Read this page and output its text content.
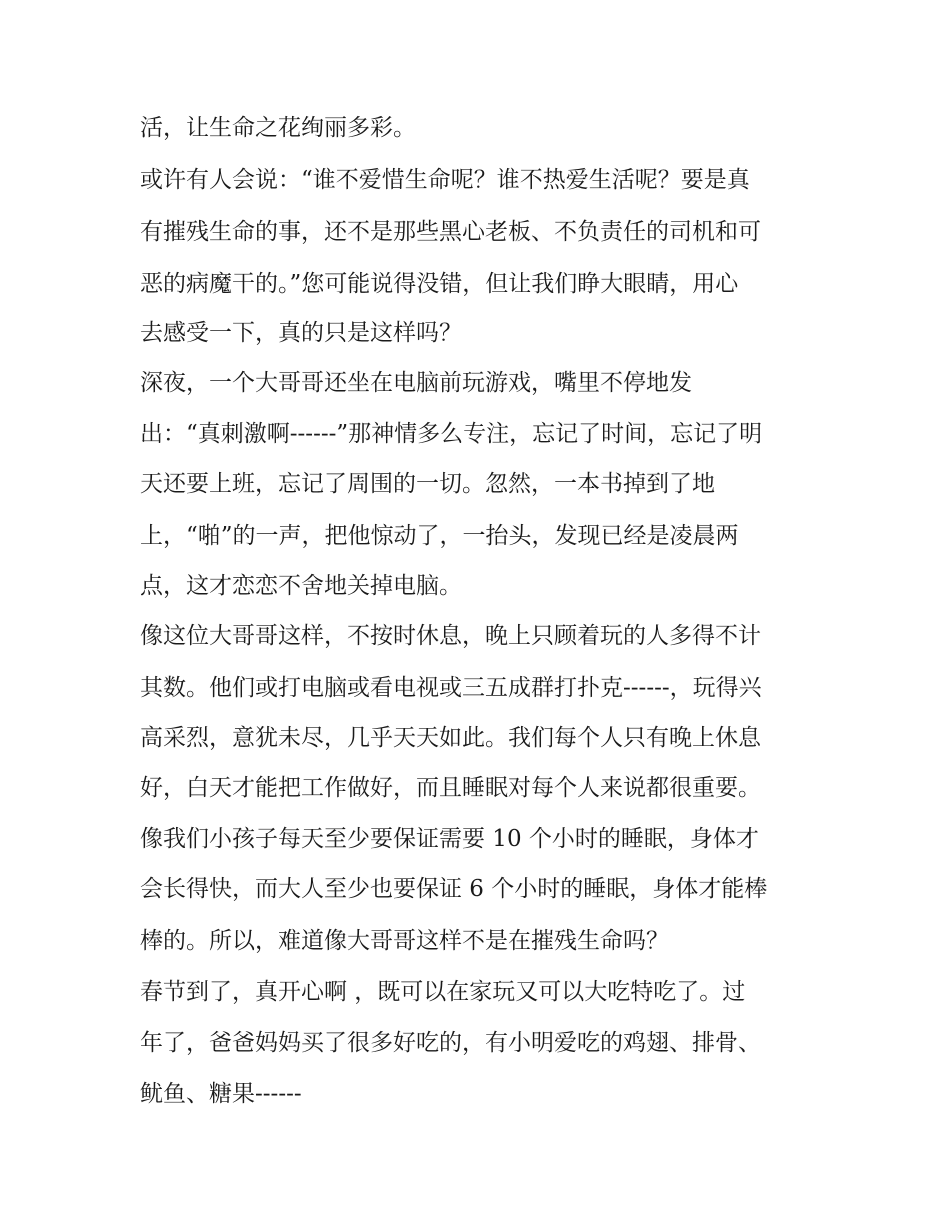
活，让生命之花绚丽多彩。
或许有人会说：“谁不爱惜生命呢？谁不热爱生活呢？要是真
有摧残生命的事，还不是那些黑心老板、不负责任的司机和可
恶的病魔干的。”您可能说得没错，但让我们睁大眼睛，用心
去感受一下，真的只是这样吗？
深夜，一个大哥哥还坐在电脑前玩游戏，嘴里不停地发
出：“真刺激啊------”那神情多么专注，忘记了时间，忘记了明
天还要上班，忘记了周围的一切。忽然，一本书掉到了地
上，“啪”的一声，把他惊动了，一抬头，发现已经是凌晨两
点，这才恋恋不舍地关掉电脑。
像这位大哥哥这样，不按时休息，晚上只顾着玩的人多得不计
其数。他们或打电脑或看电视或三五成群打扑克------，玩得兴
高采烈，意犹未尽，几乎天天如此。我们每个人只有晚上休息
好，白天才能把工作做好，而且睡眠对每个人来说都很重要。
像我们小孩子每天至少要保证需要 10 个小时的睡眠，身体才
会长得快，而大人至少也要保证 6 个小时的睡眠，身体才能棒
棒的。所以，难道像大哥哥这样不是在摧残生命吗？
春节到了，真开心啊 ，既可以在家玩又可以大吃特吃了。过
年了，爸爸妈妈买了很多好吃的，有小明爱吃的鸡翅、排骨、
鱿鱼、糖果------
